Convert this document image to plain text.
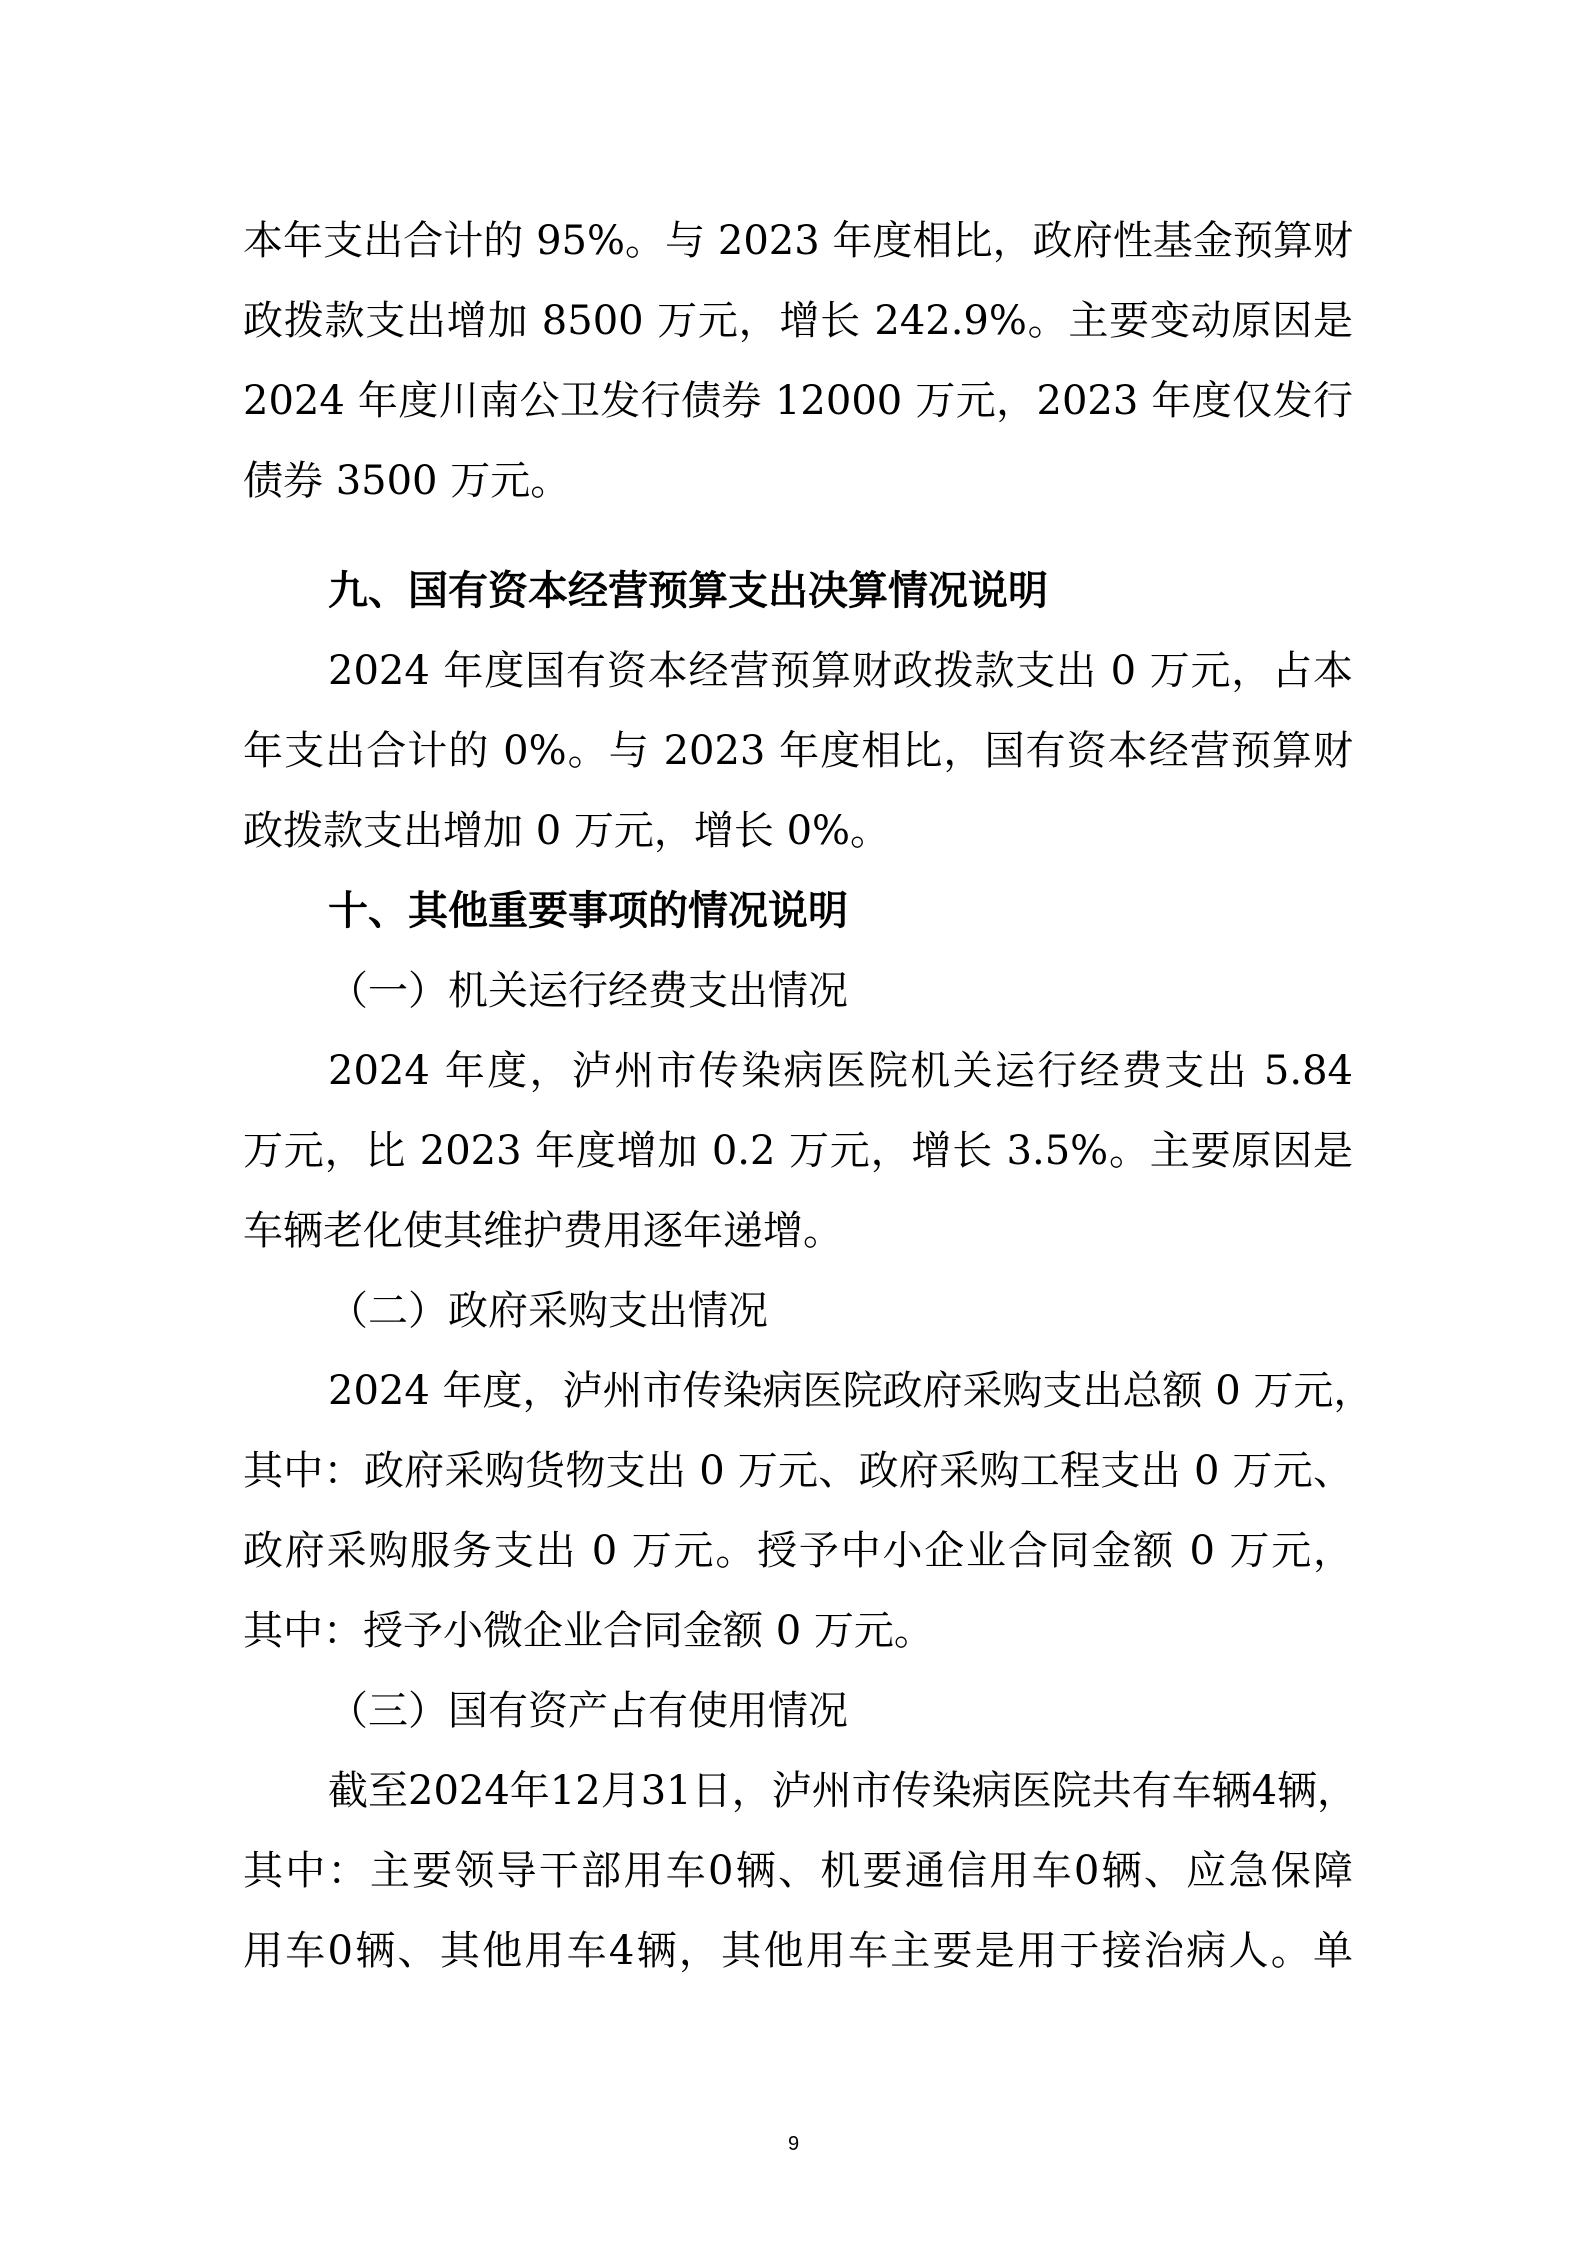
本年支出合计的 95%。与 2023 年度相比，政府性基金预算财
政拨款支出增加 8500 万元，增长 242.9%。主要变动原因是
2024 年度川南公卫发行债券 12000 万元，2023 年度仅发行
债券 3500 万元。
九、国有资本经营预算支出决算情况说明
2024 年度国有资本经营预算财政拨款支出 0 万元，占本
年支出合计的 0%。与 2023 年度相比，国有资本经营预算财
政拨款支出增加 0 万元，增长 0%。
十、其他重要事项的情况说明
（一）机关运行经费支出情况
2024 年度，泸州市传染病医院机关运行经费支出 5.84
万元，比 2023 年度增加 0.2 万元，增长 3.5%。主要原因是
车辆老化使其维护费用逐年递增。
（二）政府采购支出情况
2024 年度，泸州市传染病医院政府采购支出总额 0 万元，
其中：政府采购货物支出 0 万元、政府采购工程支出 0 万元、
政府采购服务支出 0 万元。授予中小企业合同金额 0 万元，
其中：授予小微企业合同金额 0 万元。
（三）国有资产占有使用情况
截至2024年12月31日，泸州市传染病医院共有车辆4辆，
其中：主要领导干部用车0辆、机要通信用车0辆、应急保障
用车0辆、其他用车4辆，其他用车主要是用于接治病人。单
9
